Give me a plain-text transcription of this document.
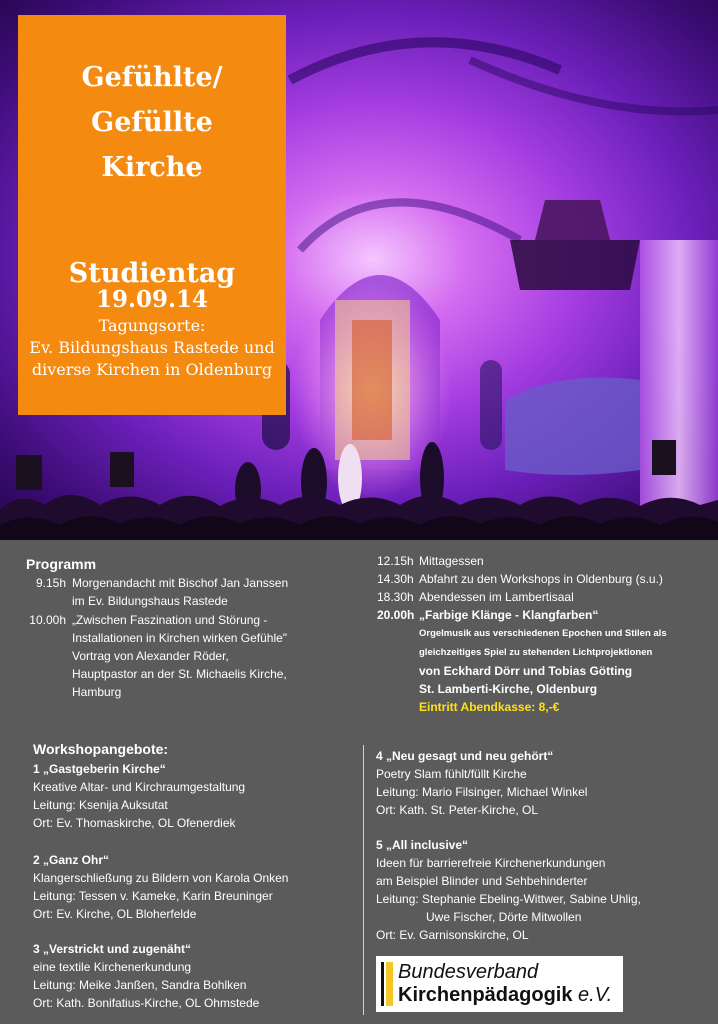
Gefühlte/
Gefüllte
Kirche
Studientag
19.09.14
Tagungsorte:
Ev. Bildungshaus Rastede und
diverse Kirchen in Oldenburg
Programm
9.15h Morgenandacht mit Bischof Jan Janssen
im Ev. Bildungshaus Rastede
10.00h „Zwischen Faszination und Störung -
Installationen in Kirchen wirken Gefühle"
Vortrag von Alexander Röder,
Hauptpastor an der St. Michaelis Kirche,
Hamburg
12.15h Mittagessen
14.30h Abfahrt zu den Workshops in Oldenburg (s.u.)
18.30h Abendessen im Lambertisaal
20.00h „Farbige Klänge - Klangfarben“
Orgelmusik aus verschiedenen Epochen und Stilen als
gleichzeitiges Spiel zu stehenden Lichtprojektionen
von Eckhard Dörr und Tobias Götting
St. Lamberti-Kirche, Oldenburg
Eintritt Abendkasse: 8,-€
Workshopangebote:
1 „Gastgeberin Kirche“
Kreative Altar- und Kirchraumgestaltung
Leitung: Ksenija Auksutat
Ort: Ev. Thomaskirche, OL Ofenerdiek
2 „Ganz Ohr“
Klangerschließung zu Bildern von Karola Onken
Leitung: Tessen v. Kameke, Karin Breuninger
Ort: Ev. Kirche, OL Bloherfelde
3 „Verstrickt und zugenäht“
eine textile Kirchenerkundung
Leitung: Meike Janßen, Sandra Bohlken
Ort: Kath. Bonifatius-Kirche, OL Ohmstede
4 „Neu gesagt und neu gehört“
Poetry Slam fühlt/füllt Kirche
Leitung: Mario Filsinger, Michael Winkel
Ort: Kath. St. Peter-Kirche, OL
5 „All inclusive“
Ideen für barrierefreie Kirchenerkundungen
am Beispiel Blinder und Sehbehinderter
Leitung: Stephanie Ebeling-Wittwer, Sabine Uhlig,
Uwe Fischer, Dörte Mitwollen
Ort: Ev. Garnisonskirche, OL
Bundesverband
Kirchenpädagogik e.V.
